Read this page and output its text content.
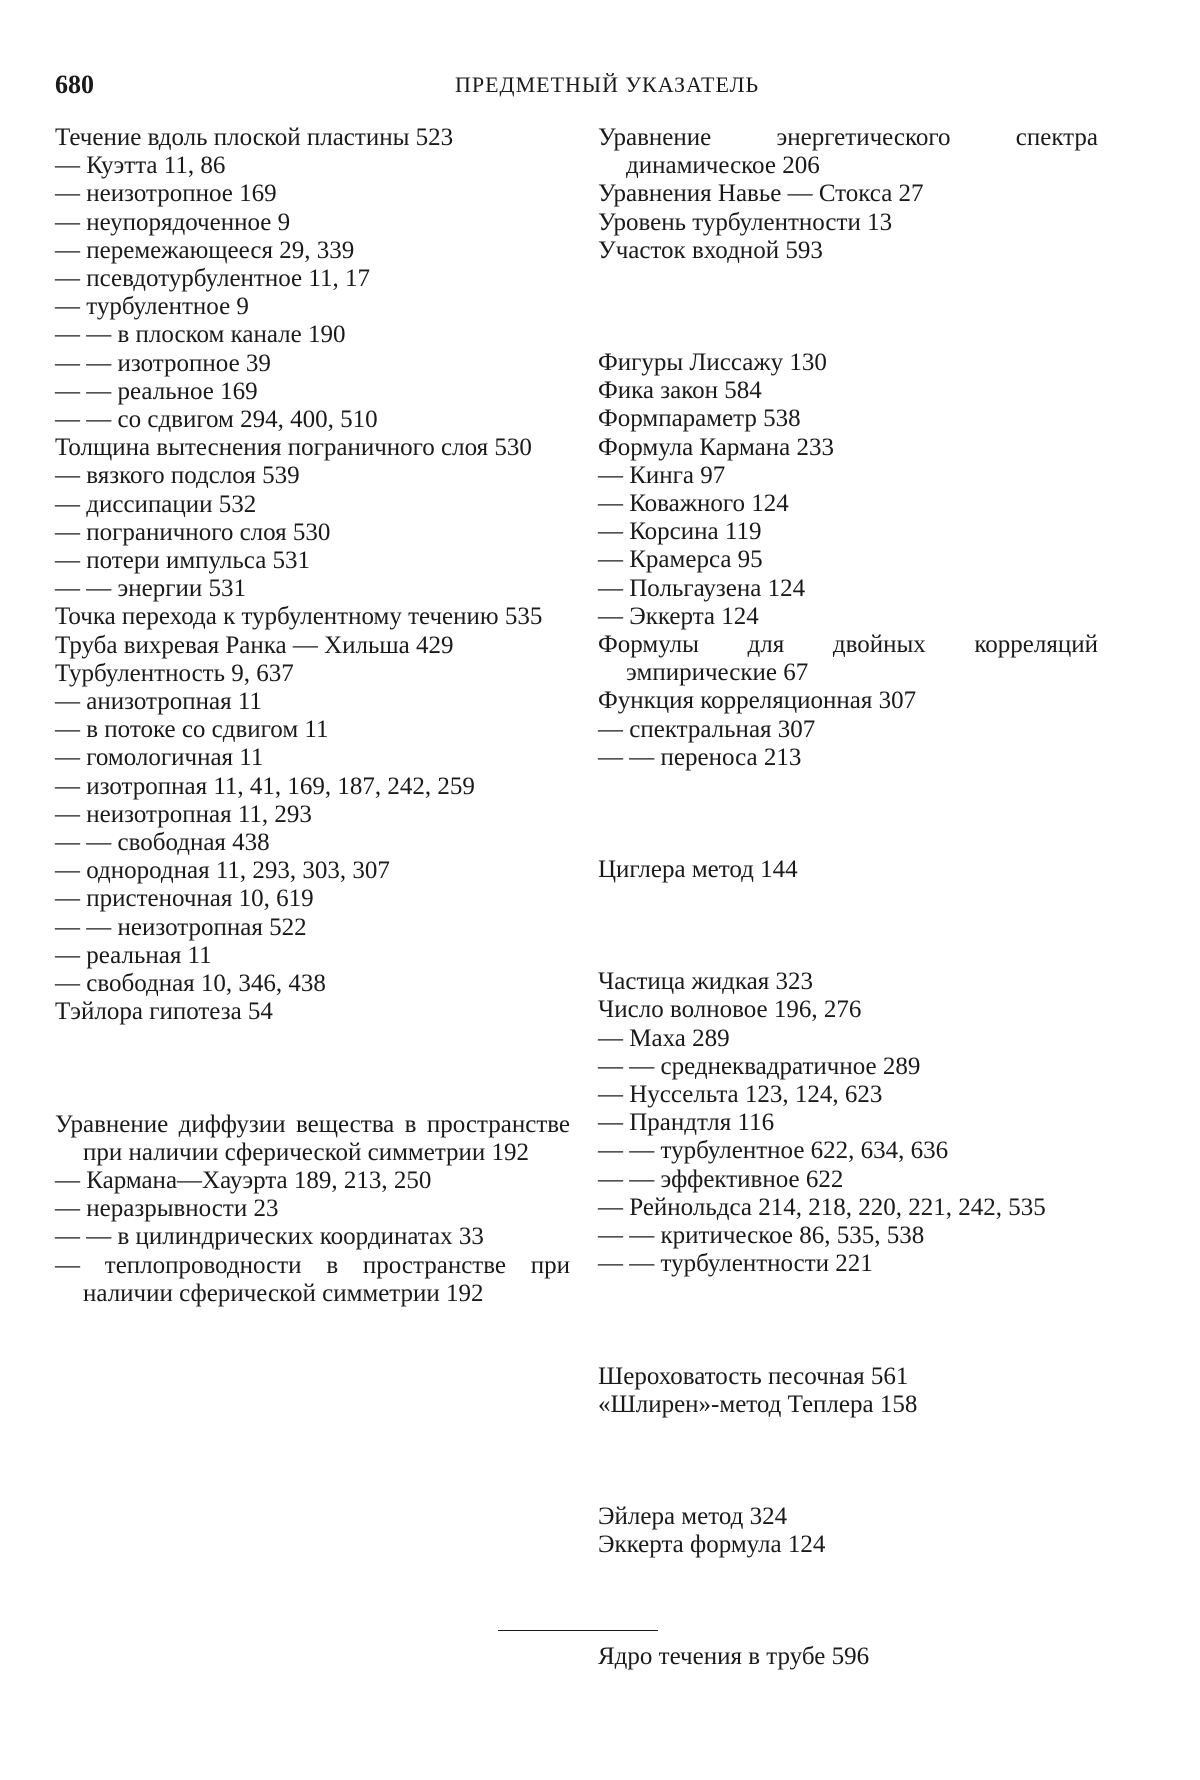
680	ПРЕДМЕТНЫЙ УКАЗАТЕЛЬ
Течение вдоль плоской пластины 523
— Куэтта 11, 86
— неизотропное 169
— неупорядоченное 9
— перемежающееся 29, 339
— псевдотурбулентное 11, 17
— турбулентное 9
— — в плоском канале 190
— — изотропное 39
— — реальное 169
— — со сдвигом 294, 400, 510
Толщина вытеснения пограничного слоя 530
— вязкого подслоя 539
— диссипации 532
— пограничного слоя 530
— потери импульса 531
— — энергии 531
Точка перехода к турбулентному течению 535
Труба вихревая Ранка — Хильша 429
Турбулентность 9, 637
— анизотропная 11
— в потоке со сдвигом 11
— гомологичная 11
— изотропная 11, 41, 169, 187, 242, 259
— неизотропная 11, 293
— — свободная 438
— однородная 11, 293, 303, 307
— пристеночная 10, 619
— — неизотропная 522
— реальная 11
— свободная 10, 346, 438
Тэйлора гипотеза 54
Уравнение диффузии вещества в пространстве при наличии сферической симметрии 192
— Кармана—Хауэрта 189, 213, 250
— неразрывности 23
— — в цилиндрических координатах 33
— теплопроводности в пространстве при наличии сферической симметрии 192
Уравнение энергетического спектра динамическое 206
Уравнения Навье — Стокса 27
Уровень турбулентности 13
Участок входной 593
Фигуры Лиссажу 130
Фика закон 584
Формпараметр 538
Формула Кармана 233
— Кинга 97
— Коважного 124
— Корсина 119
— Крамерса 95
— Польгаузена 124
— Эккерта 124
Формулы для двойных корреляций эмпирические 67
Функция корреляционная 307
— спектральная 307
— — переноса 213
Циглера метод 144
Частица жидкая 323
Число волновое 196, 276
— Маха 289
— — среднеквадратичное 289
— Нуссельта 123, 124, 623
— Прандтля 116
— — турбулентное 622, 634, 636
— — эффективное 622
— Рейнольдса 214, 218, 220, 221, 242, 535
— — критическое 86, 535, 538
— — турбулентности 221
Шероховатость песочная 561
«Шлирен»-метод Теплера 158
Эйлера метод 324
Эккерта формула 124
Ядро течения в трубе 596
